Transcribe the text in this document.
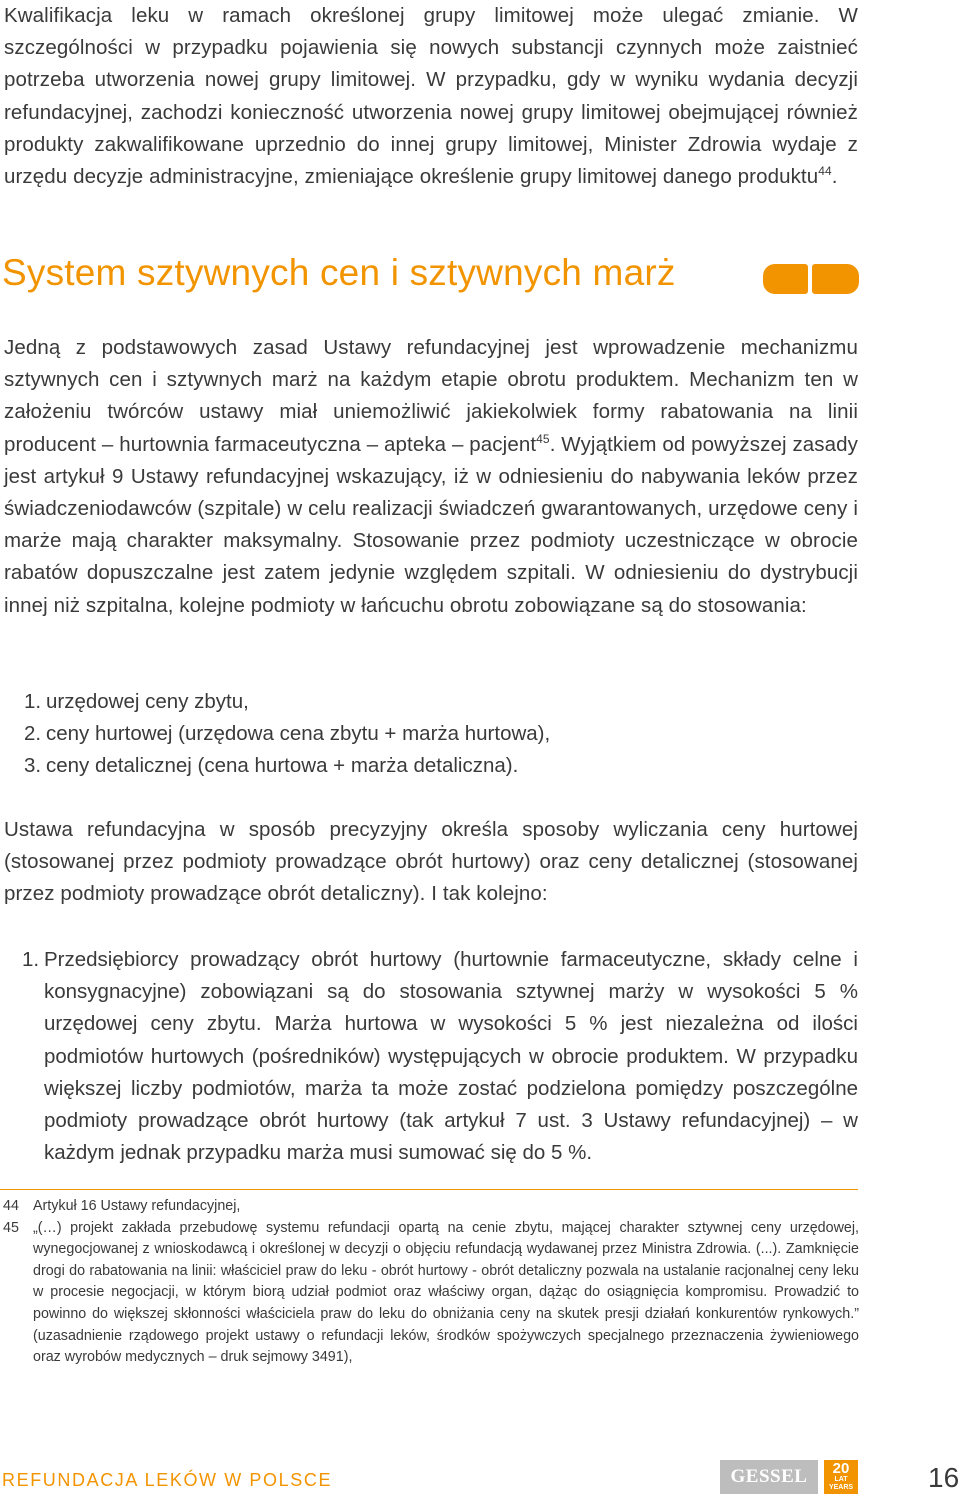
Kwalifikacja leku w ramach określonej grupy limitowej może ulegać zmianie. W szczególności w przypadku pojawienia się nowych substancji czynnych może zaistnieć potrzeba utworzenia nowej grupy limitowej. W przypadku, gdy w wyniku wydania decyzji refundacyjnej, zachodzi konieczność utworzenia nowej grupy limitowej obejmującej również produkty zakwalifikowane uprzednio do innej grupy limitowej, Minister Zdrowia wydaje z urzędu decyzje administracyjne, zmieniające określenie grupy limitowej danego produktu$^{44}$.

System sztywnych cen i sztywnych marż

Jedną z podstawowych zasad Ustawy refundacyjnej jest wprowadzenie mechanizmu sztywnych cen i sztywnych marż na każdym etapie obrotu produktem. Mechanizm ten w założeniu twórców ustawy miał uniemożliwić jakiekolwiek formy rabatowania na linii producent – hurtownia farmaceutyczna – apteka – pacjent$^{45}$. Wyjątkiem od powyższej zasady jest artykuł 9 Ustawy refundacyjnej wskazujący, iż w odniesieniu do nabywania leków przez świadczeniodawców (szpitale) w celu realizacji świadczeń gwarantowanych, urzędowe ceny i marże mają charakter maksymalny. Stosowanie przez podmioty uczestniczące w obrocie rabatów dopuszczalne jest zatem jedynie względem szpitali. W odniesieniu do dystrybucji innej niż szpitalna, kolejne podmioty w łańcuchu obrotu zobowiązane są do stosowania:

1. urzędowej ceny zbytu,
2. ceny hurtowej (urzędowa cena zbytu + marża hurtowa),
3. ceny detalicznej (cena hurtowa + marża detaliczna).

Ustawa refundacyjna w sposób precyzyjny określa sposoby wyliczania ceny hurtowej (stosowanej przez podmioty prowadzące obrót hurtowy) oraz ceny detalicznej (stosowanej przez podmioty prowadzące obrót detaliczny). I tak kolejno:

1. Przedsiębiorcy prowadzący obrót hurtowy (hurtownie farmaceutyczne, składy celne i konsygnacyjne) zobowiązani są do stosowania sztywnej marży w wysokości 5 % urzędowej ceny zbytu. Marża hurtowa w wysokości 5 % jest niezależna od ilości podmiotów hurtowych (pośredników) występujących w obrocie produktem. W przypadku większej liczby podmiotów, marża ta może zostać podzielona pomiędzy poszczególne podmioty prowadzące obrót hurtowy (tak artykuł 7 ust. 3 Ustawy refundacyjnej) – w każdym jednak przypadku marża musi sumować się do 5 %.
44 Artykuł 16 Ustawy refundacyjnej,
45 „(…) projekt zakłada przebudowę systemu refundacji opartą na cenie zbytu, mającej charakter sztywnej ceny urzędowej, wynegocjowanej z wnioskodawcą i określonej w decyzji o objęciu refundacją wydawanej przez Ministra Zdrowia. (...). Zamknięcie drogi do rabatowania na linii: właściciel praw do leku - obrót hurtowy - obrót detaliczny pozwala na ustalanie racjonalnej ceny leku w procesie negocjacji, w którym biorą udział podmiot oraz właściwy organ, dążąc do osiągnięcia kompromisu. Prowadzić to powinno do większej skłonności właściciela praw do leku do obniżania ceny na skutek presji działań konkurentów rynkowych.” (uzasadnienie rządowego projekt ustawy o refundacji leków, środków spożywczych specjalnego przeznaczenia żywieniowego oraz wyrobów medycznych – druk sejmowy 3491),

REFUNDACJA LEKÓW W POLSCE	GESSEL	20
LAT
YEARS	16
